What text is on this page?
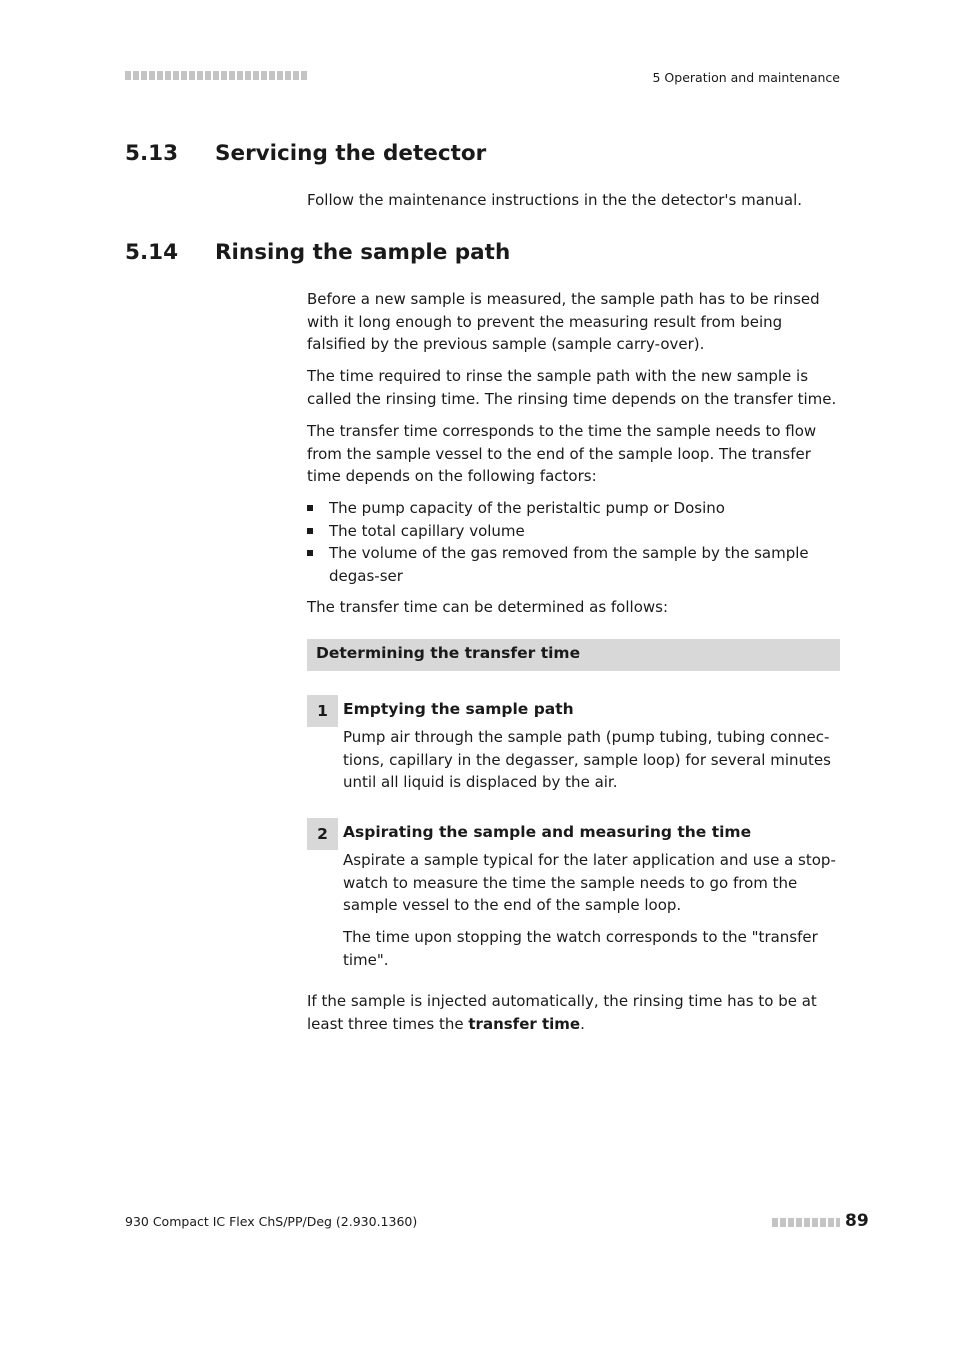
5 Operation and maintenance
5.13 Servicing the detector

Follow the maintenance instructions in the the detector's manual.

5.14 Rinsing the sample path

Before a new sample is measured, the sample path has to be rinsed with it long enough to prevent the measuring result from being falsified by the previous sample (sample carry-over).

The time required to rinse the sample path with the new sample is called the rinsing time. The rinsing time depends on the transfer time.

The transfer time corresponds to the time the sample needs to flow from the sample vessel to the end of the sample loop. The transfer time depends on the following factors:

The pump capacity of the peristaltic pump or Dosino
The total capillary volume
The volume of the gas removed from the sample by the sample degas-ser

The transfer time can be determined as follows:

Determining the transfer time
1 Emptying the sample path

Pump air through the sample path (pump tubing, tubing connec-tions, capillary in the degasser, sample loop) for several minutes until all liquid is displaced by the air.

2 Aspirating the sample and measuring the time

Aspirate a sample typical for the later application and use a stop-watch to measure the time the sample needs to go from the sample vessel to the end of the sample loop.

The time upon stopping the watch corresponds to the "transfer time".

If the sample is injected automatically, the rinsing time has to be at least three times the transfer time.

930 Compact IC Flex ChS/PP/Deg (2.930.1360)	89
